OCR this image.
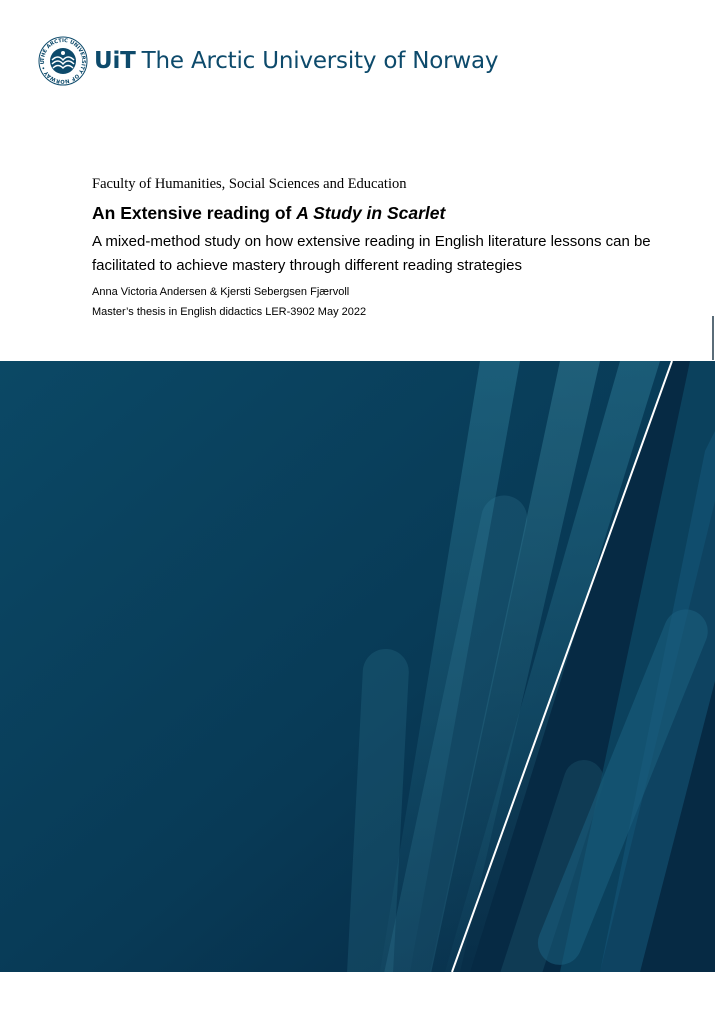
THE ARCTIC UNIVERSITY OF NORWAY • U	UiT The Arctic University of Norway

Faculty of Humanities, Social Sciences and Education

An Extensive reading of A Study in Scarlet

A mixed-method study on how extensive reading in English literature lessons can be
facilitated to achieve mastery through different reading strategies

Anna Victoria Andersen & Kjersti Sebergsen Fjærvoll

Master’s thesis in English didactics LER-3902 May 2022
